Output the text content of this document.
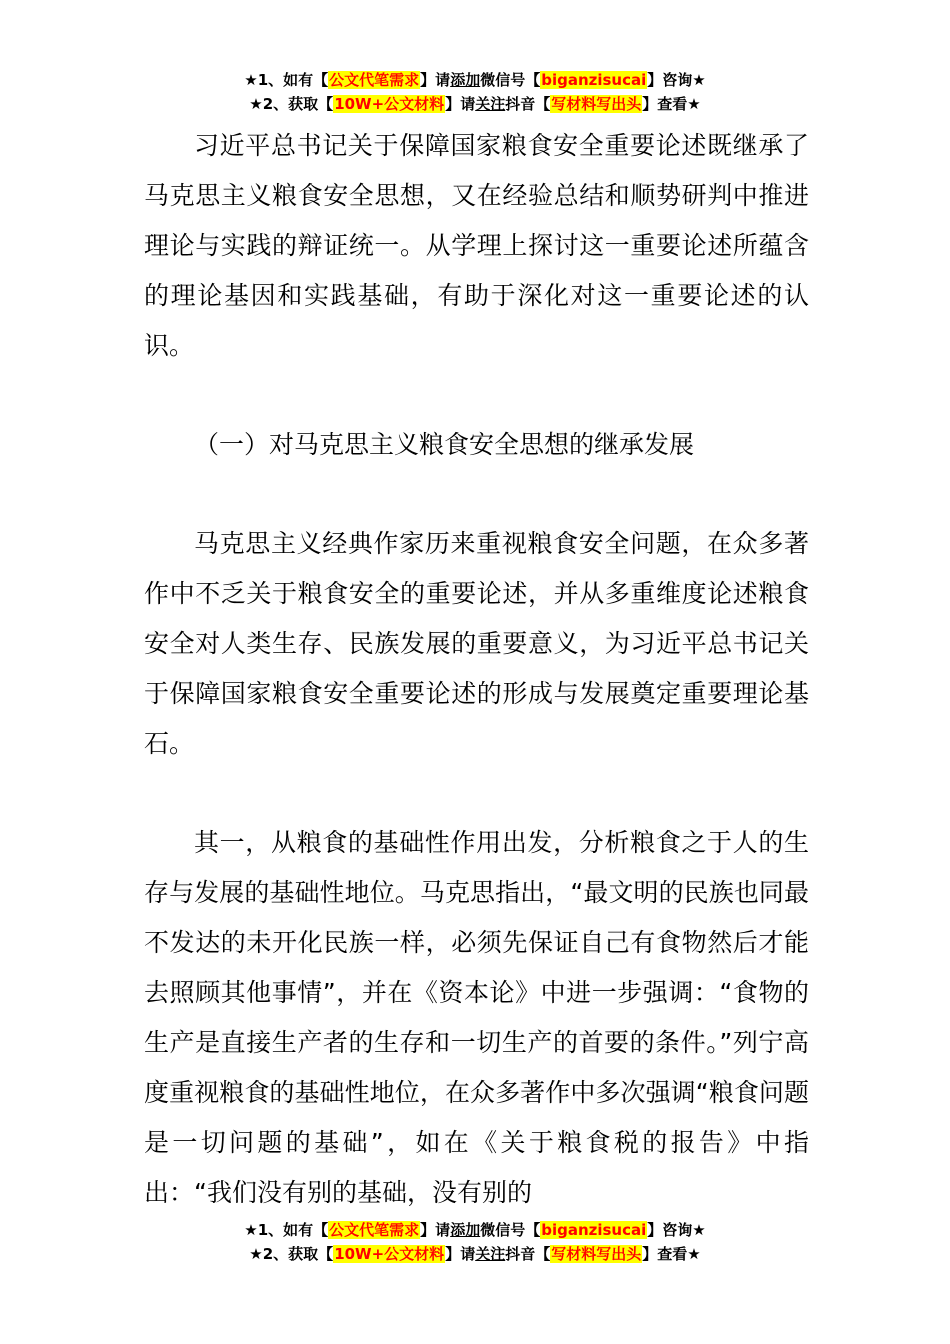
★1、如有【公文代笔需求】请添加微信号【biganzisucai】咨询★
★2、获取【10W+公文材料】请关注抖音【写材料写出头】查看★

习近平总书记关于保障国家粮食安全重要论述既继承了马克思主义粮食安全思想，又在经验总结和顺势研判中推进理论与实践的辩证统一。从学理上探讨这一重要论述所蕴含的理论基因和实践基础，有助于深化对这一重要论述的认识。

（一）对马克思主义粮食安全思想的继承发展

马克思主义经典作家历来重视粮食安全问题，在众多著作中不乏关于粮食安全的重要论述，并从多重维度论述粮食安全对人类生存、民族发展的重要意义，为习近平总书记关于保障国家粮食安全重要论述的形成与发展奠定重要理论基石。

其一，从粮食的基础性作用出发，分析粮食之于人的生存与发展的基础性地位。马克思指出，“最文明的民族也同最不发达的未开化民族一样，必须先保证自己有食物然后才能去照顾其他事情”，并在《资本论》中进一步强调：“食物的生产是直接生产者的生存和一切生产的首要的条件。”列宁高度重视粮食的基础性地位，在众多著作中多次强调“粮食问题是一切问题的基础”，如在《关于粮食税的报告》中指出：“我们没有别的基础，没有别的

★1、如有【公文代笔需求】请添加微信号【biganzisucai】咨询★
★2、获取【10W+公文材料】请关注抖音【写材料写出头】查看★
